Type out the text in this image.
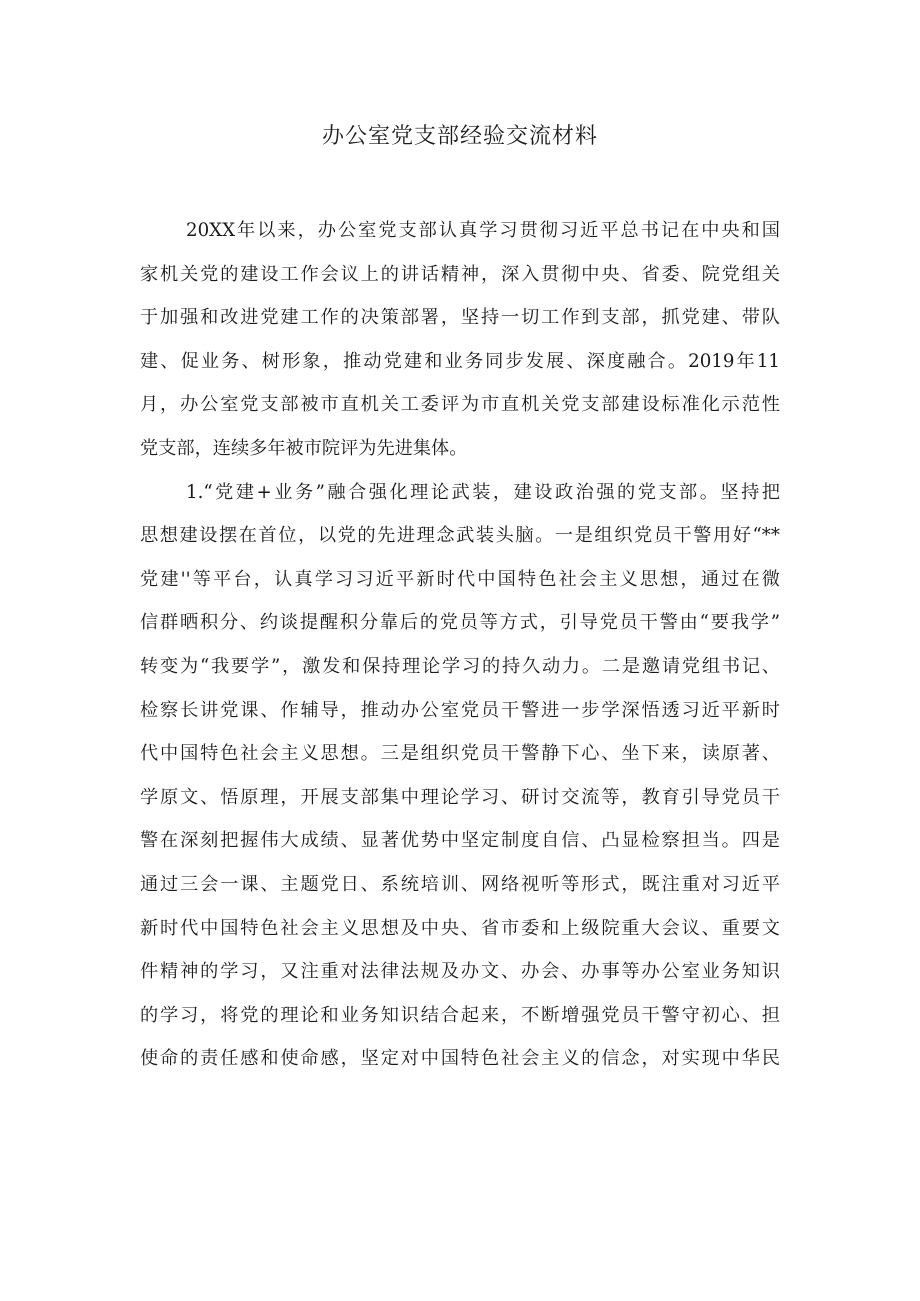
办公室党支部经验交流材料
20XX年以来，办公室党支部认真学习贯彻习近平总书记在中央和国
家机关党的建设工作会议上的讲话精神，深入贯彻中央、省委、院党组关
于加强和改进党建工作的决策部署，坚持一切工作到支部，抓党建、带队
建、促业务、树形象，推动党建和业务同步发展、深度融合。2019年11
月，办公室党支部被市直机关工委评为市直机关党支部建设标准化示范性
党支部，连续多年被市院评为先进集体。
1.“党建+业务”融合强化理论武装，建设政治强的党支部。坚持把
思想建设摆在首位，以党的先进理念武装头脑。一是组织党员干警用好“**
党建''等平台，认真学习习近平新时代中国特色社会主义思想，通过在微
信群晒积分、约谈提醒积分靠后的党员等方式，引导党员干警由“要我学”
转变为“我要学”，激发和保持理论学习的持久动力。二是邀请党组书记、
检察长讲党课、作辅导，推动办公室党员干警进一步学深悟透习近平新时
代中国特色社会主义思想。三是组织党员干警静下心、坐下来，读原著、
学原文、悟原理，开展支部集中理论学习、研讨交流等，教育引导党员干
警在深刻把握伟大成绩、显著优势中坚定制度自信、凸显检察担当。四是
通过三会一课、主题党日、系统培训、网络视听等形式，既注重对习近平
新时代中国特色社会主义思想及中央、省市委和上级院重大会议、重要文
件精神的学习，又注重对法律法规及办文、办会、办事等办公室业务知识
的学习，将党的理论和业务知识结合起来，不断增强党员干警守初心、担
使命的责任感和使命感，坚定对中国特色社会主义的信念，对实现中华民
